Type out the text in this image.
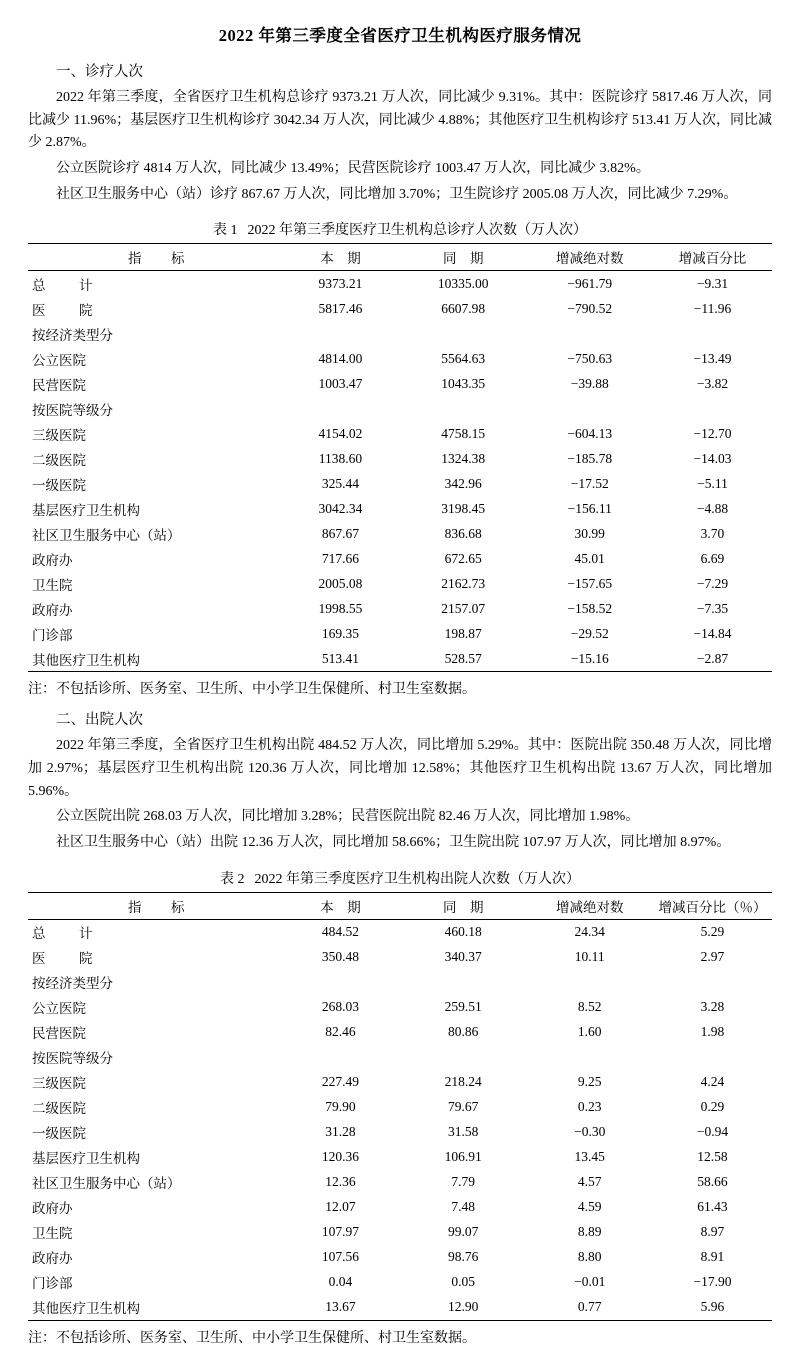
2022 年第三季度全省医疗卫生机构医疗服务情况
一、诊疗人次

2022 年第三季度，全省医疗卫生机构总诊疗 9373.21 万人次，同比减少 9.31%。其中：医院诊疗 5817.46 万人次，同比减少 11.96%；基层医疗卫生机构诊疗 3042.34 万人次，同比减少 4.88%；其他医疗卫生机构诊疗 513.41 万人次，同比减少 2.87%。

公立医院诊疗 4814 万人次，同比减少 13.49%；民营医院诊疗 1003.47 万人次，同比减少 3.82%。

社区卫生服务中心（站）诊疗 867.67 万人次，同比增加 3.70%；卫生院诊疗 2005.08 万人次，同比减少 7.29%。

表 1 2022 年第三季度医疗卫生机构总诊疗人次数（万人次）
指　标	本　期	同　期	增减绝对数	增减百分比
总　计	9373.21	10335.00	−961.79	−9.31
医　院	5817.46	6607.98	−790.52	−11.96
按经济类型分				
公立医院	4814.00	5564.63	−750.63	−13.49
民营医院	1003.47	1043.35	−39.88	−3.82
按医院等级分				
三级医院	4154.02	4758.15	−604.13	−12.70
二级医院	1138.60	1324.38	−185.78	−14.03
一级医院	325.44	342.96	−17.52	−5.11
基层医疗卫生机构	3042.34	3198.45	−156.11	−4.88
社区卫生服务中心（站）	867.67	836.68	30.99	3.70
政府办	717.66	672.65	45.01	6.69
卫生院	2005.08	2162.73	−157.65	−7.29
政府办	1998.55	2157.07	−158.52	−7.35
门诊部	169.35	198.87	−29.52	−14.84
其他医疗卫生机构	513.41	528.57	−15.16	−2.87
注：不包括诊所、医务室、卫生所、中小学卫生保健所、村卫生室数据。
二、出院人次

2022 年第三季度，全省医疗卫生机构出院 484.52 万人次，同比增加 5.29%。其中：医院出院 350.48 万人次，同比增加 2.97%；基层医疗卫生机构出院 120.36 万人次，同比增加 12.58%；其他医疗卫生机构出院 13.67 万人次，同比增加 5.96%。

公立医院出院 268.03 万人次，同比增加 3.28%；民营医院出院 82.46 万人次，同比增加 1.98%。

社区卫生服务中心（站）出院 12.36 万人次，同比增加 58.66%；卫生院出院 107.97 万人次，同比增加 8.97%。

表 2 2022 年第三季度医疗卫生机构出院人次数（万人次）
指　标	本　期	同　期	增减绝对数	增减百分比（％）
总　计	484.52	460.18	24.34	5.29
医　院	350.48	340.37	10.11	2.97
按经济类型分				
公立医院	268.03	259.51	8.52	3.28
民营医院	82.46	80.86	1.60	1.98
按医院等级分				
三级医院	227.49	218.24	9.25	4.24
二级医院	79.90	79.67	0.23	0.29
一级医院	31.28	31.58	−0.30	−0.94
基层医疗卫生机构	120.36	106.91	13.45	12.58
社区卫生服务中心（站）	12.36	7.79	4.57	58.66
政府办	12.07	7.48	4.59	61.43
卫生院	107.97	99.07	8.89	8.97
政府办	107.56	98.76	8.80	8.91
门诊部	0.04	0.05	−0.01	−17.90
其他医疗卫生机构	13.67	12.90	0.77	5.96
注：不包括诊所、医务室、卫生所、中小学卫生保健所、村卫生室数据。
